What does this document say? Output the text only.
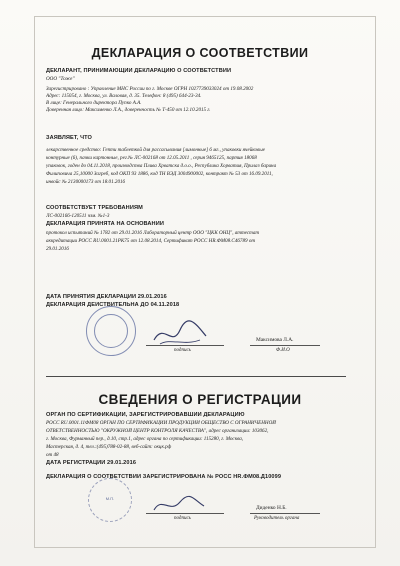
ДЕКЛАРАЦИЯ О СООТВЕТСТВИИ
ДЕКЛАРАНТ, ПРИНИМАЮЩИЙ ДЕКЛАРАЦИЮ О СООТВЕТСТВИИ
ООО "Тоже"
Зарегистрировано : Управление МНС России по г. Москве ОГРН 1027739033024 от 19.08.2002
Адрес: 115054, г. Москва, ул. Валовая, д. 35. Телефон: 8 (495) 644-23-34.
В лице: Генерального директора Пупко А.А.
Доверенная лицо: Максименко Л.А., доверенность № Т-450 от 12.10.2015 г.
ЗАЯВЛЯЕТ, ЧТО
лекарственное средство: Гепти таблеткой для рассасывания [лимонные] 6 мг., упаковки ячейковые
контурные (6), пачки картонные, рег.№ ЛС-002168 от 12.05.2011 , серия 9465125, партия 18068
упаковок, годен до 04.11.2018, производства Плива Хрватска д.о.о., Республика Хорватия, Прилаз барuна
Филиповича 25,10000 Загреб, код ОКП 93 1886, код ТН ВЭД 3004900002, контракт № 53 от 16.09.2011,
инвойс № 2130000173 от 18.01.2016
СООТВЕТСТВУЕТ ТРЕБОВАНИЯМ
ЛС-002166-120511 чзм. №1-3
ДЕКЛАРАЦИЯ ПРИНЯТА НА ОСНОВАНИИ
протокол испытаний № 1782 от 29.01.2016 Лабораторный центр ООО "ЦКК ОНЦ", аттестат
аккредитации РОСС RU.0001.21PK75 от 12.08.2014, Сертификат РОСС HR.ФМ08.С46789 от
29.01.2016
ДАТА ПРИНЯТИЯ ДЕКЛАРАЦИИ 29.01.2016
ДЕКЛАРАЦИЯ ДЕЙСТВИТЕЛЬНА ДО 04.11.2018
подпись
Максимова Л.А.
Ф.И.О
СВЕДЕНИЯ О РЕГИСТРАЦИИ
ОРГАН ПО СЕРТИФИКАЦИИ, ЗАРЕГИСТРИРОВАВШИЙ ДЕКЛАРАЦИЮ
РОСС RU.0001.11ФМ08 ОРГАН ПО СЕРТИФИКАЦИИ ПРОДУКЦИИ ОБЩЕСТВО С ОГРАНИЧЕННОЙ
ОТВЕТСТВЕННОСТЬЮ "ОКРУЖНОЙ ЦЕНТР КОНТРОЛЯ КАЧЕСТВА", адрес организации: 103062,
г. Москва, Фурманный пер., д.10, стр.1, адрес органа по сертификации: 115280, г. Москва,
Мастерская, д. 4, тел.:(495)788-02-88, веб-сайт: oкцк.рф
от 48
ДАТА РЕГИСТРАЦИИ 29.01.2016
ДЕКЛАРАЦИЯ О СООТВЕТСТВИИ ЗАРЕГИСТРИРОВАНА № РОСС HR.ФМ08.Д10099
М.П.
подпись
Диденко Н.Б.
Руководитель органа
